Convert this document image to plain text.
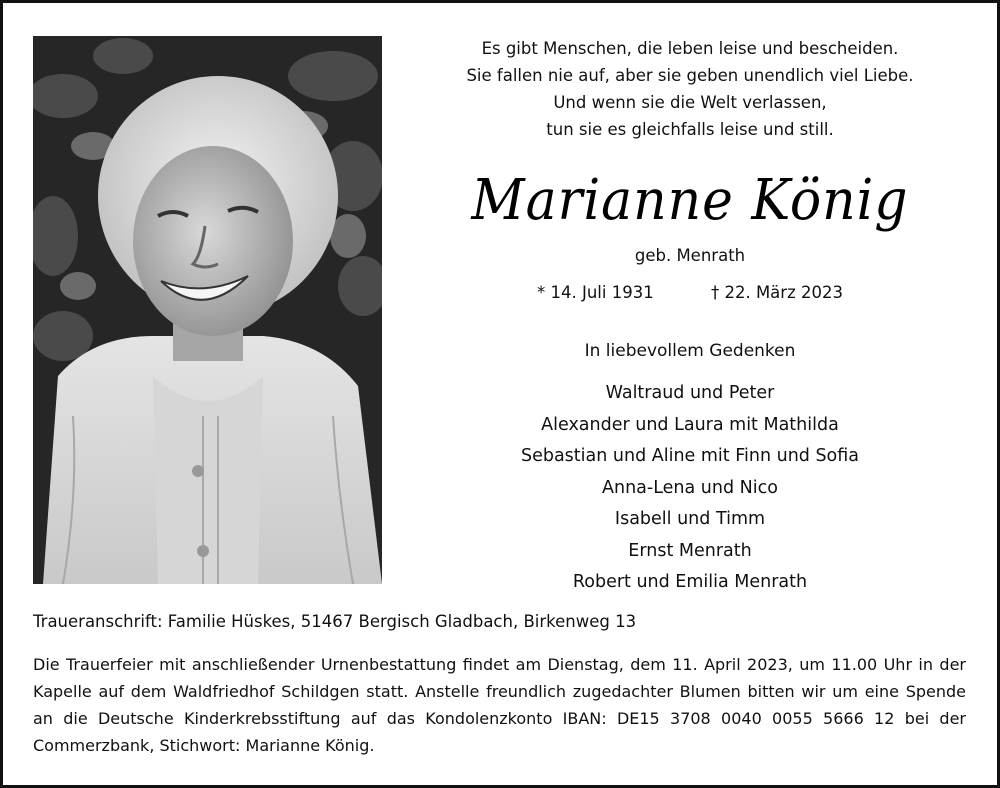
Es gibt Menschen, die leben leise und bescheiden.
Sie fallen nie auf, aber sie geben unendlich viel Liebe.
Und wenn sie die Welt verlassen,
tun sie es gleichfalls leise und still.
Marianne König
geb. Menrath
* 14. Juli 1931	† 22. März 2023
In liebevollem Gedenken
Waltraud und Peter
Alexander und Laura mit Mathilda
Sebastian und Aline mit Finn und Sofia
Anna-Lena und Nico
Isabell und Timm
Ernst Menrath
Robert und Emilia Menrath
Traueranschrift: Familie Hüskes, 51467 Bergisch Gladbach, Birkenweg 13
Die Trauerfeier mit anschließender Urnenbestattung findet am Dienstag, dem 11. April 2023, um 11.00 Uhr in der Kapelle auf dem Waldfriedhof Schildgen statt. Anstelle freundlich zugedachter Blumen bitten wir um eine Spende an die Deutsche Kinderkrebsstiftung auf das Kondolenzkonto IBAN: DE15 3708 0040 0055 5666 12 bei der Commerzbank, Stichwort: Marianne König.
